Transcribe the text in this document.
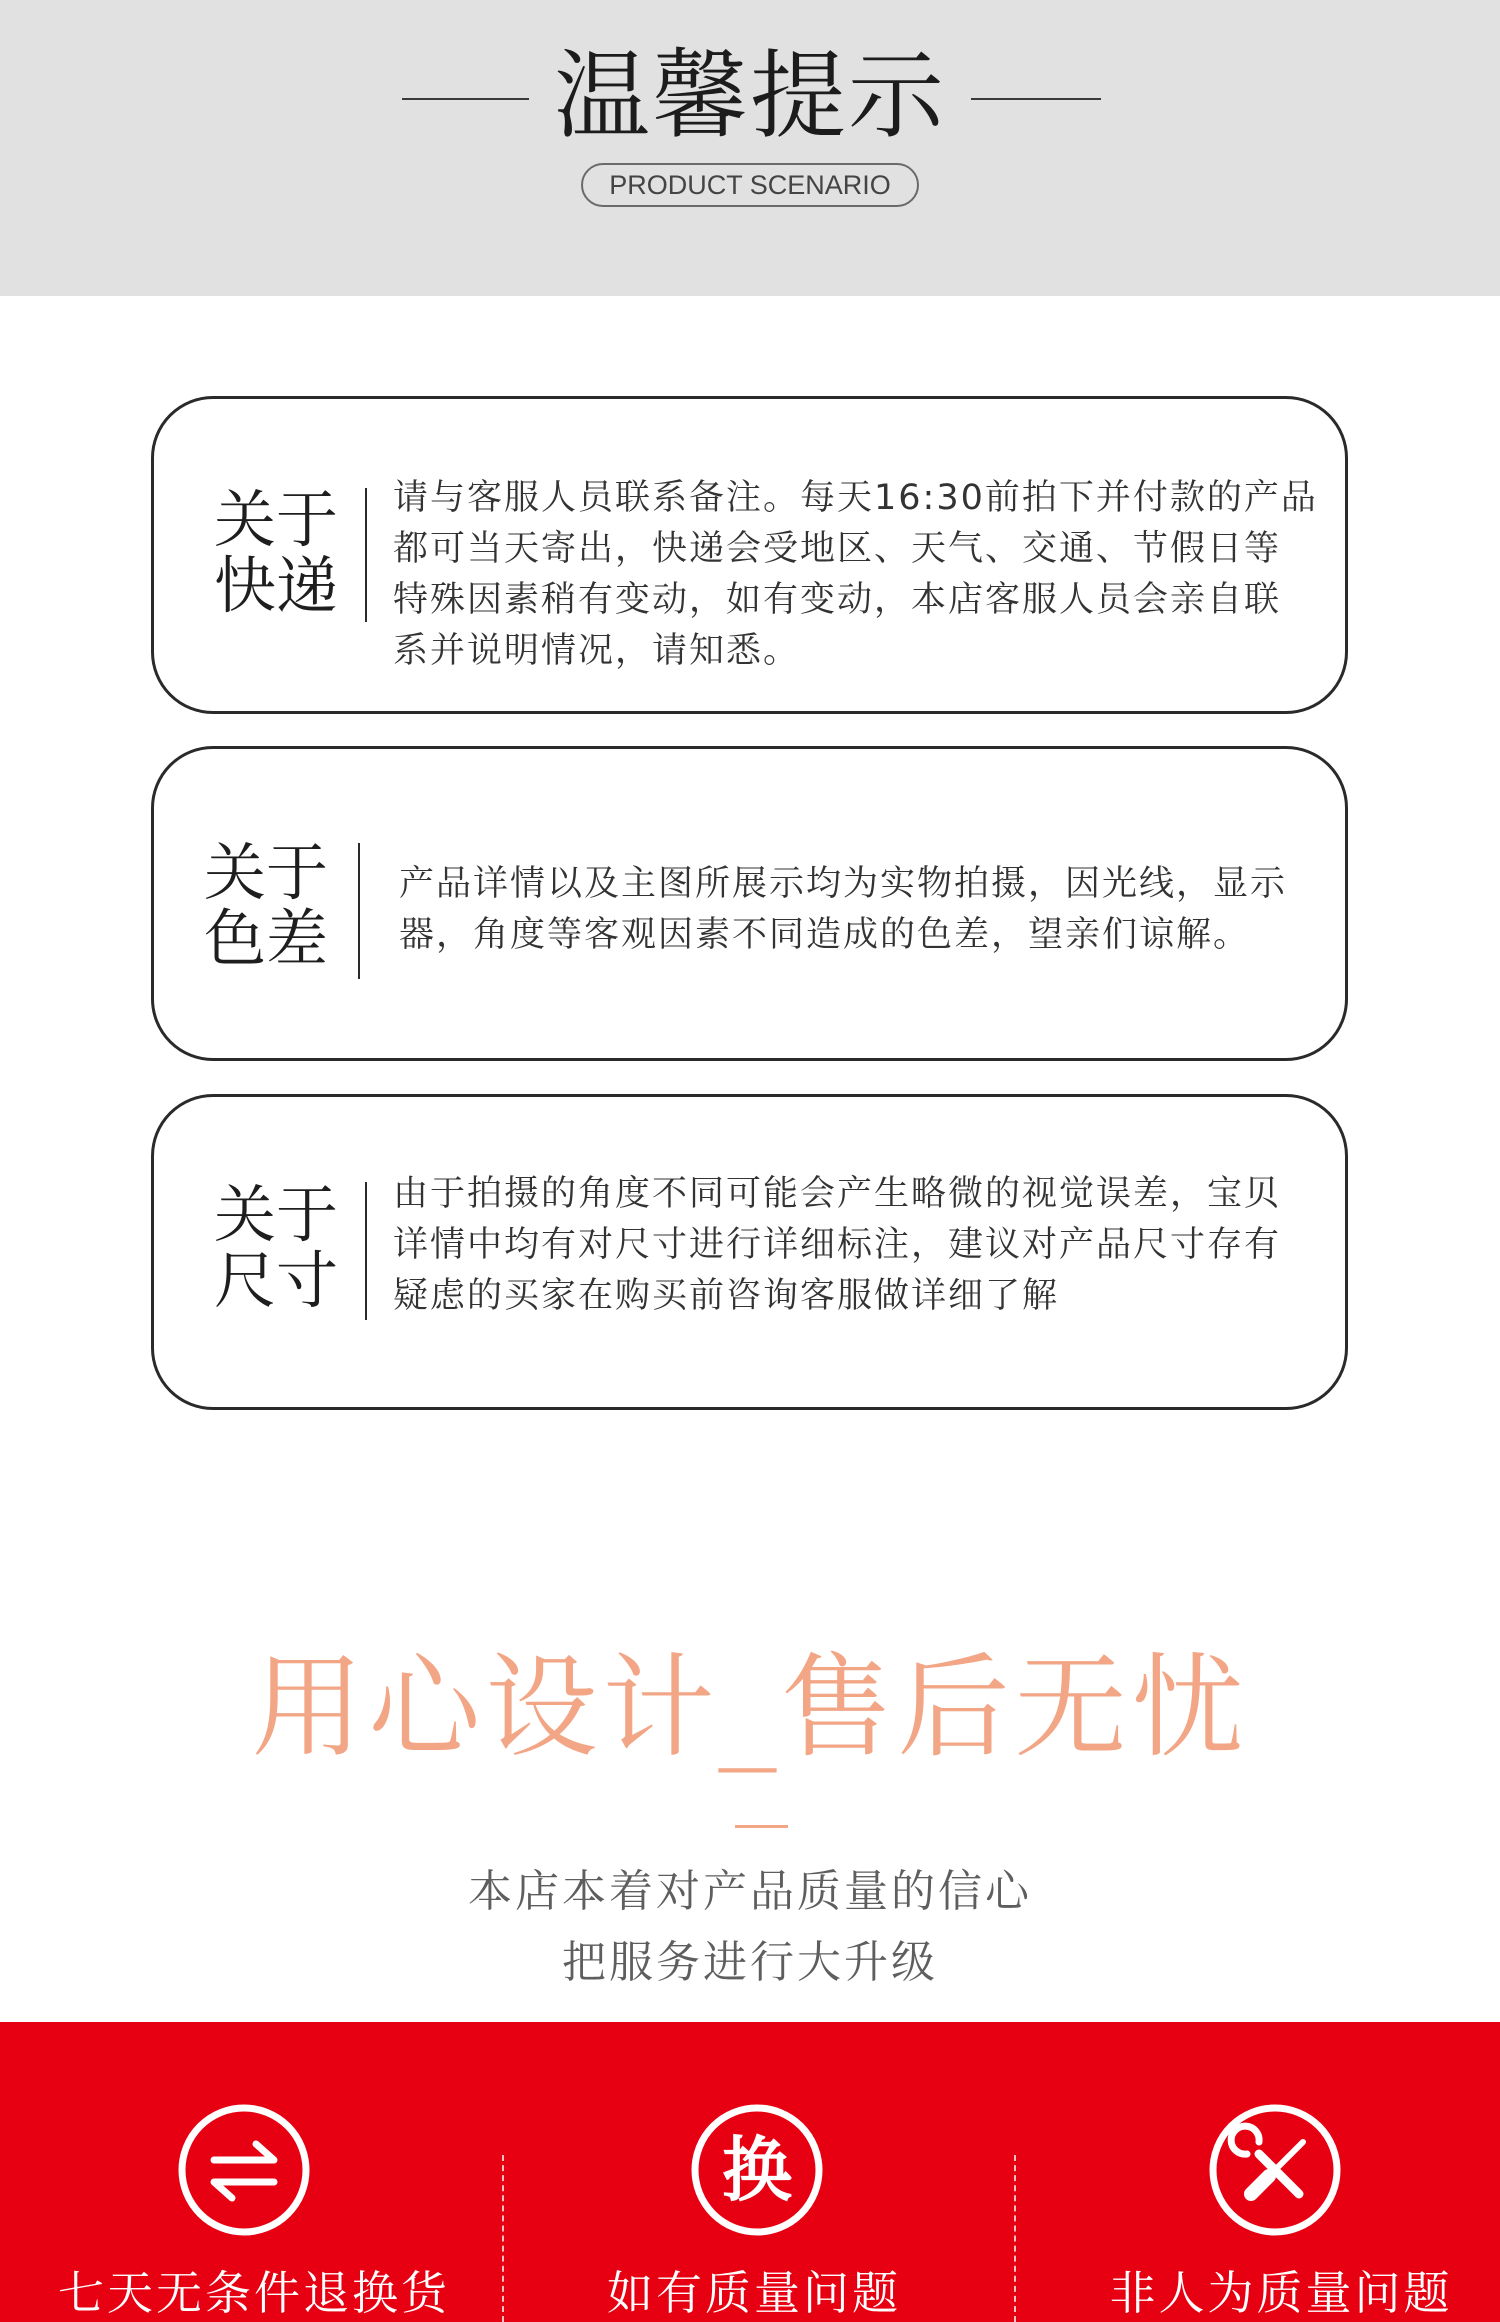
温馨提示
PRODUCT SCENARIO
关于
快递
请与客服人员联系备注。每天16:30前拍下并付款的产品
都可当天寄出，快递会受地区、天气、交通、节假日等
特殊因素稍有变动，如有变动，本店客服人员会亲自联
系并说明情况，请知悉。
关于
色差
产品详情以及主图所展示均为实物拍摄，因光线，显示
器，角度等客观因素不同造成的色差，望亲们谅解。
关于
尺寸
由于拍摄的角度不同可能会产生略微的视觉误差，宝贝
详情中均有对尺寸进行详细标注，建议对产品尺寸存有
疑虑的买家在购买前咨询客服做详细了解
用心设计_售后无忧
本店本着对产品质量的信心
把服务进行大升级
七天无条件退换货
换
如有质量问题	非人为质量问题
